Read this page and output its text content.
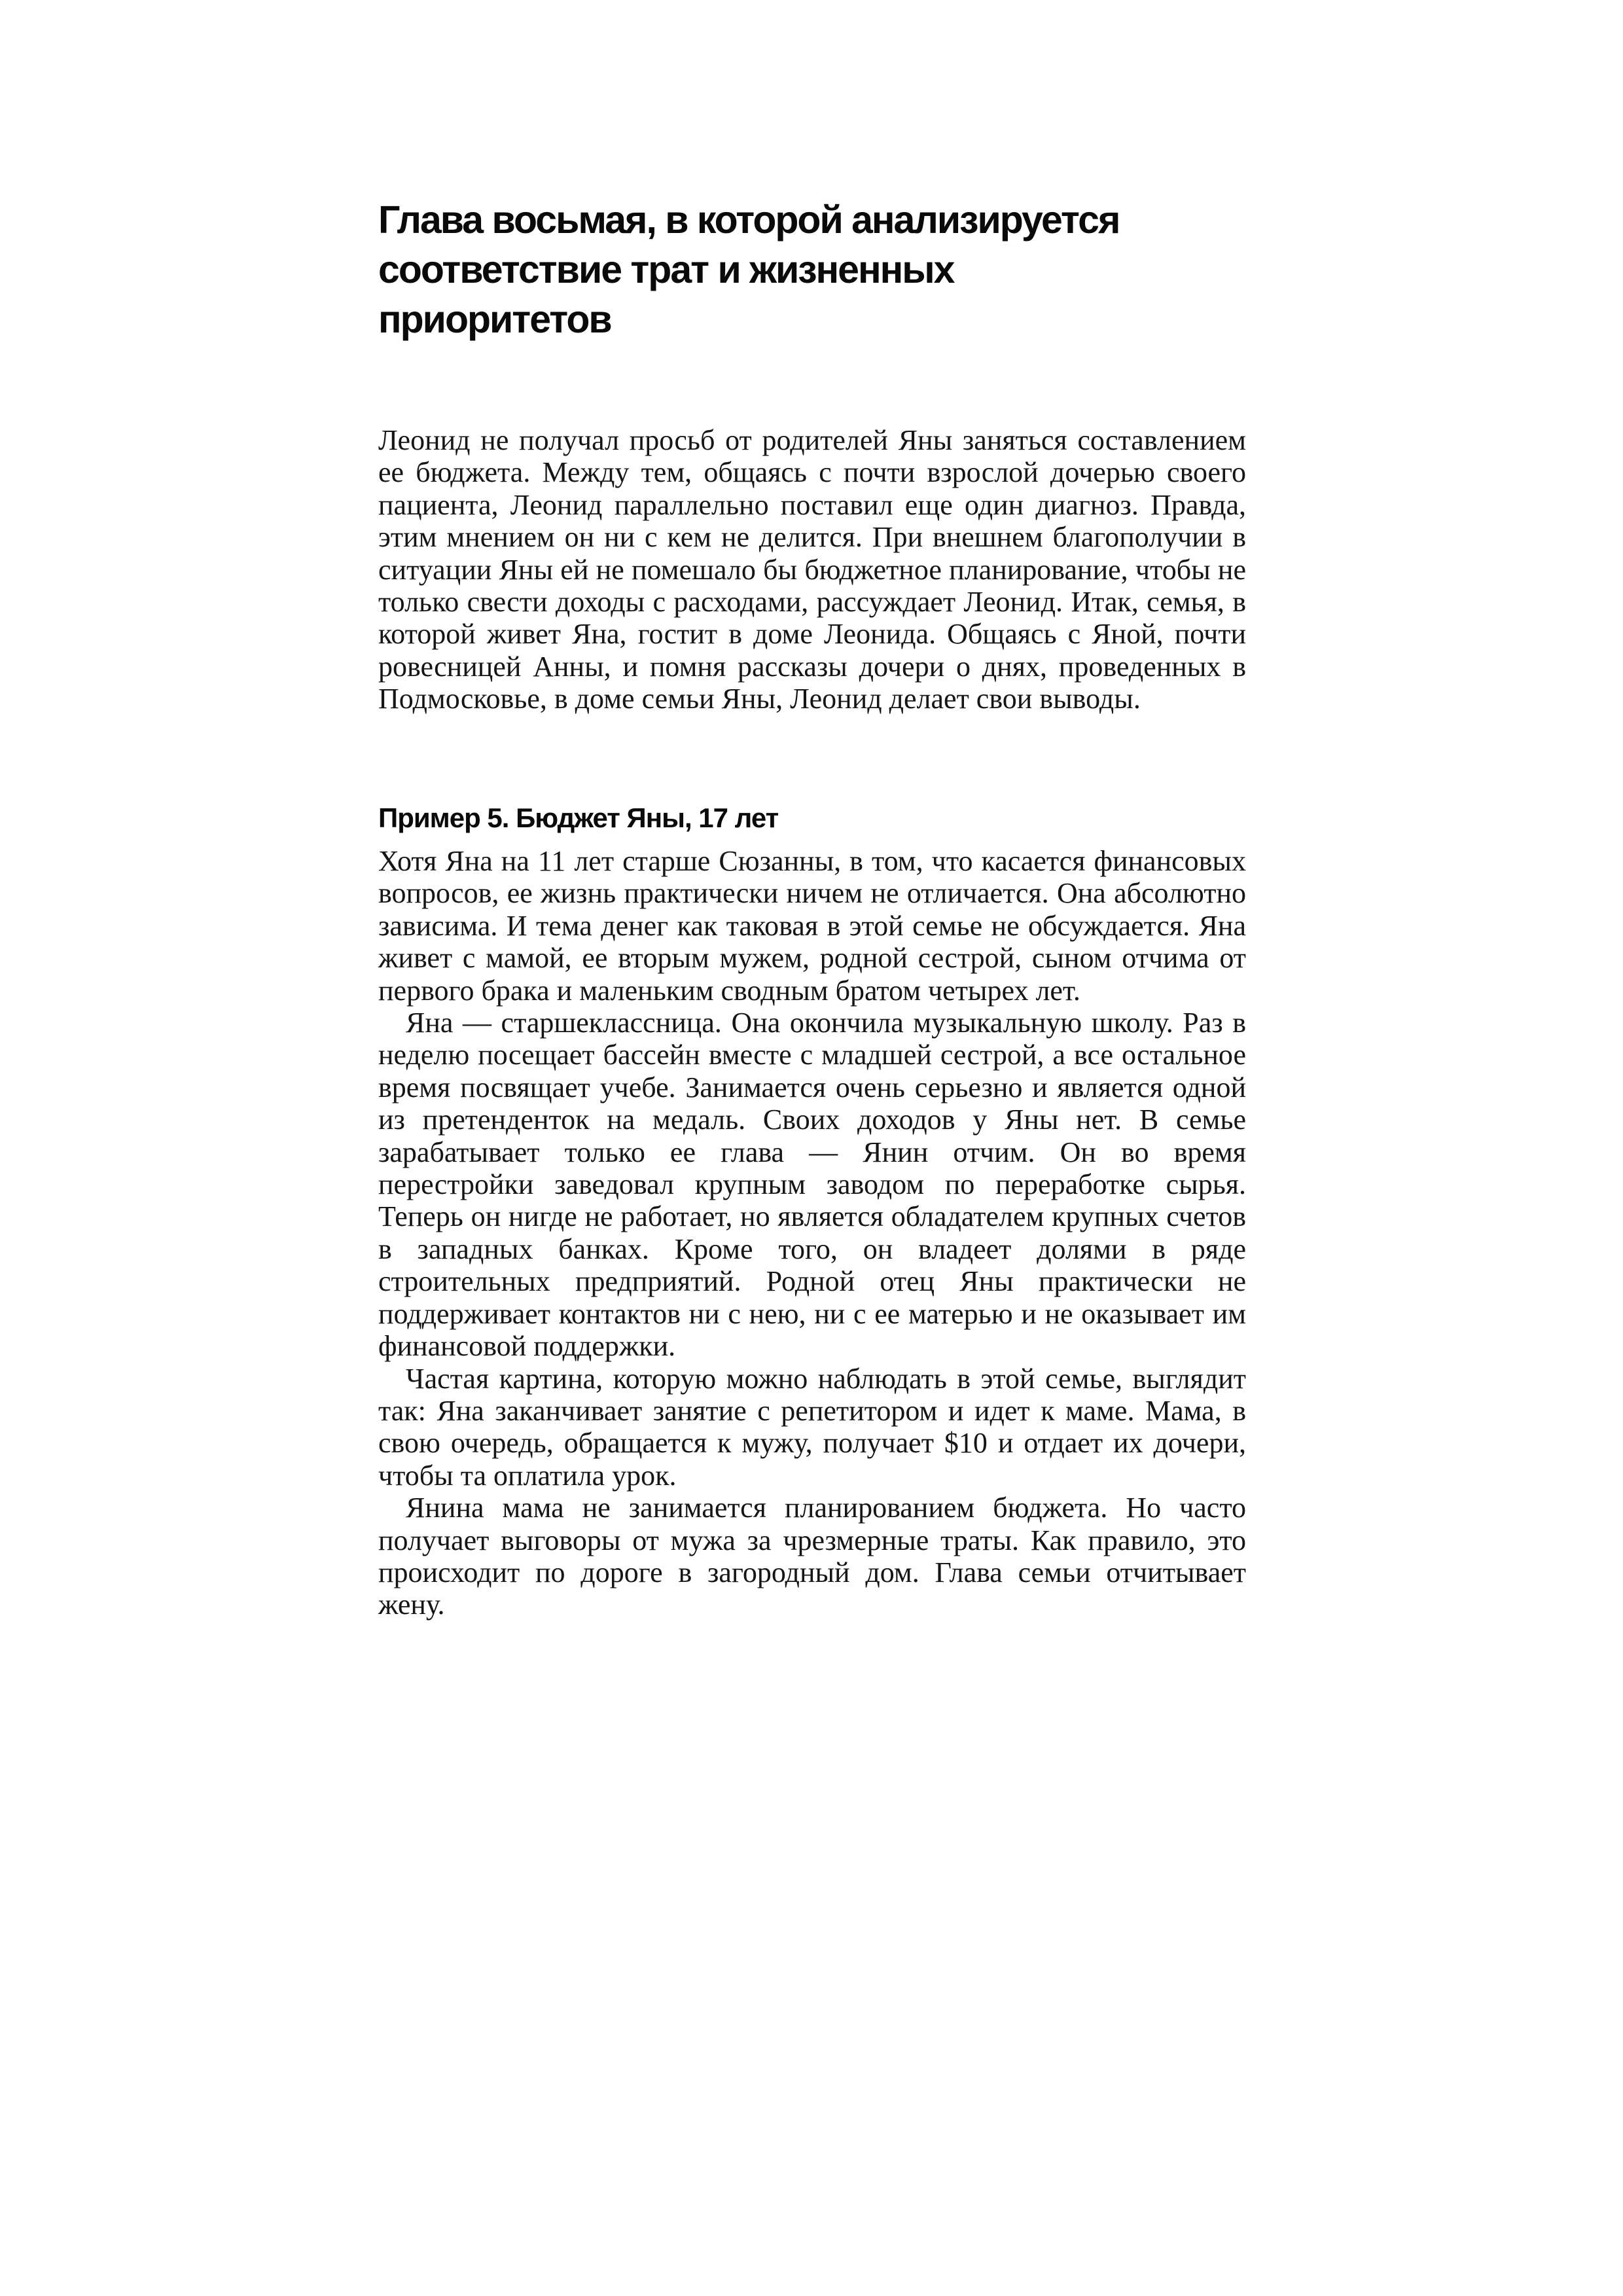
Глава восьмая, в которой анализируется
соответствие трат и жизненных
приоритетов

Леонид не получал просьб от родителей Яны заняться составлением ее бюджета. Между тем, общаясь с почти взрослой дочерью своего пациента, Леонид параллельно поставил еще один диагноз. Правда, этим мнением он ни с кем не делится. При внешнем благополучии в ситуации Яны ей не помешало бы бюджетное планирование, чтобы не только свести доходы с расходами, рассуждает Леонид. Итак, семья, в которой живет Яна, гостит в доме Леонида. Общаясь с Яной, почти ровесницей Анны, и помня рассказы дочери о днях, проведенных в Подмосковье, в доме семьи Яны, Леонид делает свои выводы.

Пример 5. Бюджет Яны, 17 лет

Хотя Яна на 11 лет старше Сюзанны, в том, что касается финансовых вопросов, ее жизнь практически ничем не отличается. Она абсолютно зависима. И тема денег как таковая в этой семье не обсуждается. Яна живет с мамой, ее вторым мужем, родной сестрой, сыном отчима от первого брака и маленьким сводным братом четырех лет.

Яна — старшеклассница. Она окончила музыкальную школу. Раз в неделю посещает бассейн вместе с младшей сестрой, а все остальное время посвящает учебе. Занимается очень серьезно и является одной из претенденток на медаль. Своих доходов у Яны нет. В семье зарабатывает только ее глава — Янин отчим. Он во время перестройки заведовал крупным заводом по переработке сырья. Теперь он нигде не работает, но является обладателем крупных счетов в западных банках. Кроме того, он владеет долями в ряде строительных предприятий. Родной отец Яны практически не поддерживает контактов ни с нею, ни с ее матерью и не оказывает им финансовой поддержки.

Частая картина, которую можно наблюдать в этой семье, выглядит так: Яна заканчивает занятие с репетитором и идет к маме. Мама, в свою очередь, обращается к мужу, получает $10 и отдает их дочери, чтобы та оплатила урок.

Янина мама не занимается планированием бюджета. Но часто получает выговоры от мужа за чрезмерные траты. Как правило, это происходит по дороге в загородный дом. Глава семьи отчитывает жену.
